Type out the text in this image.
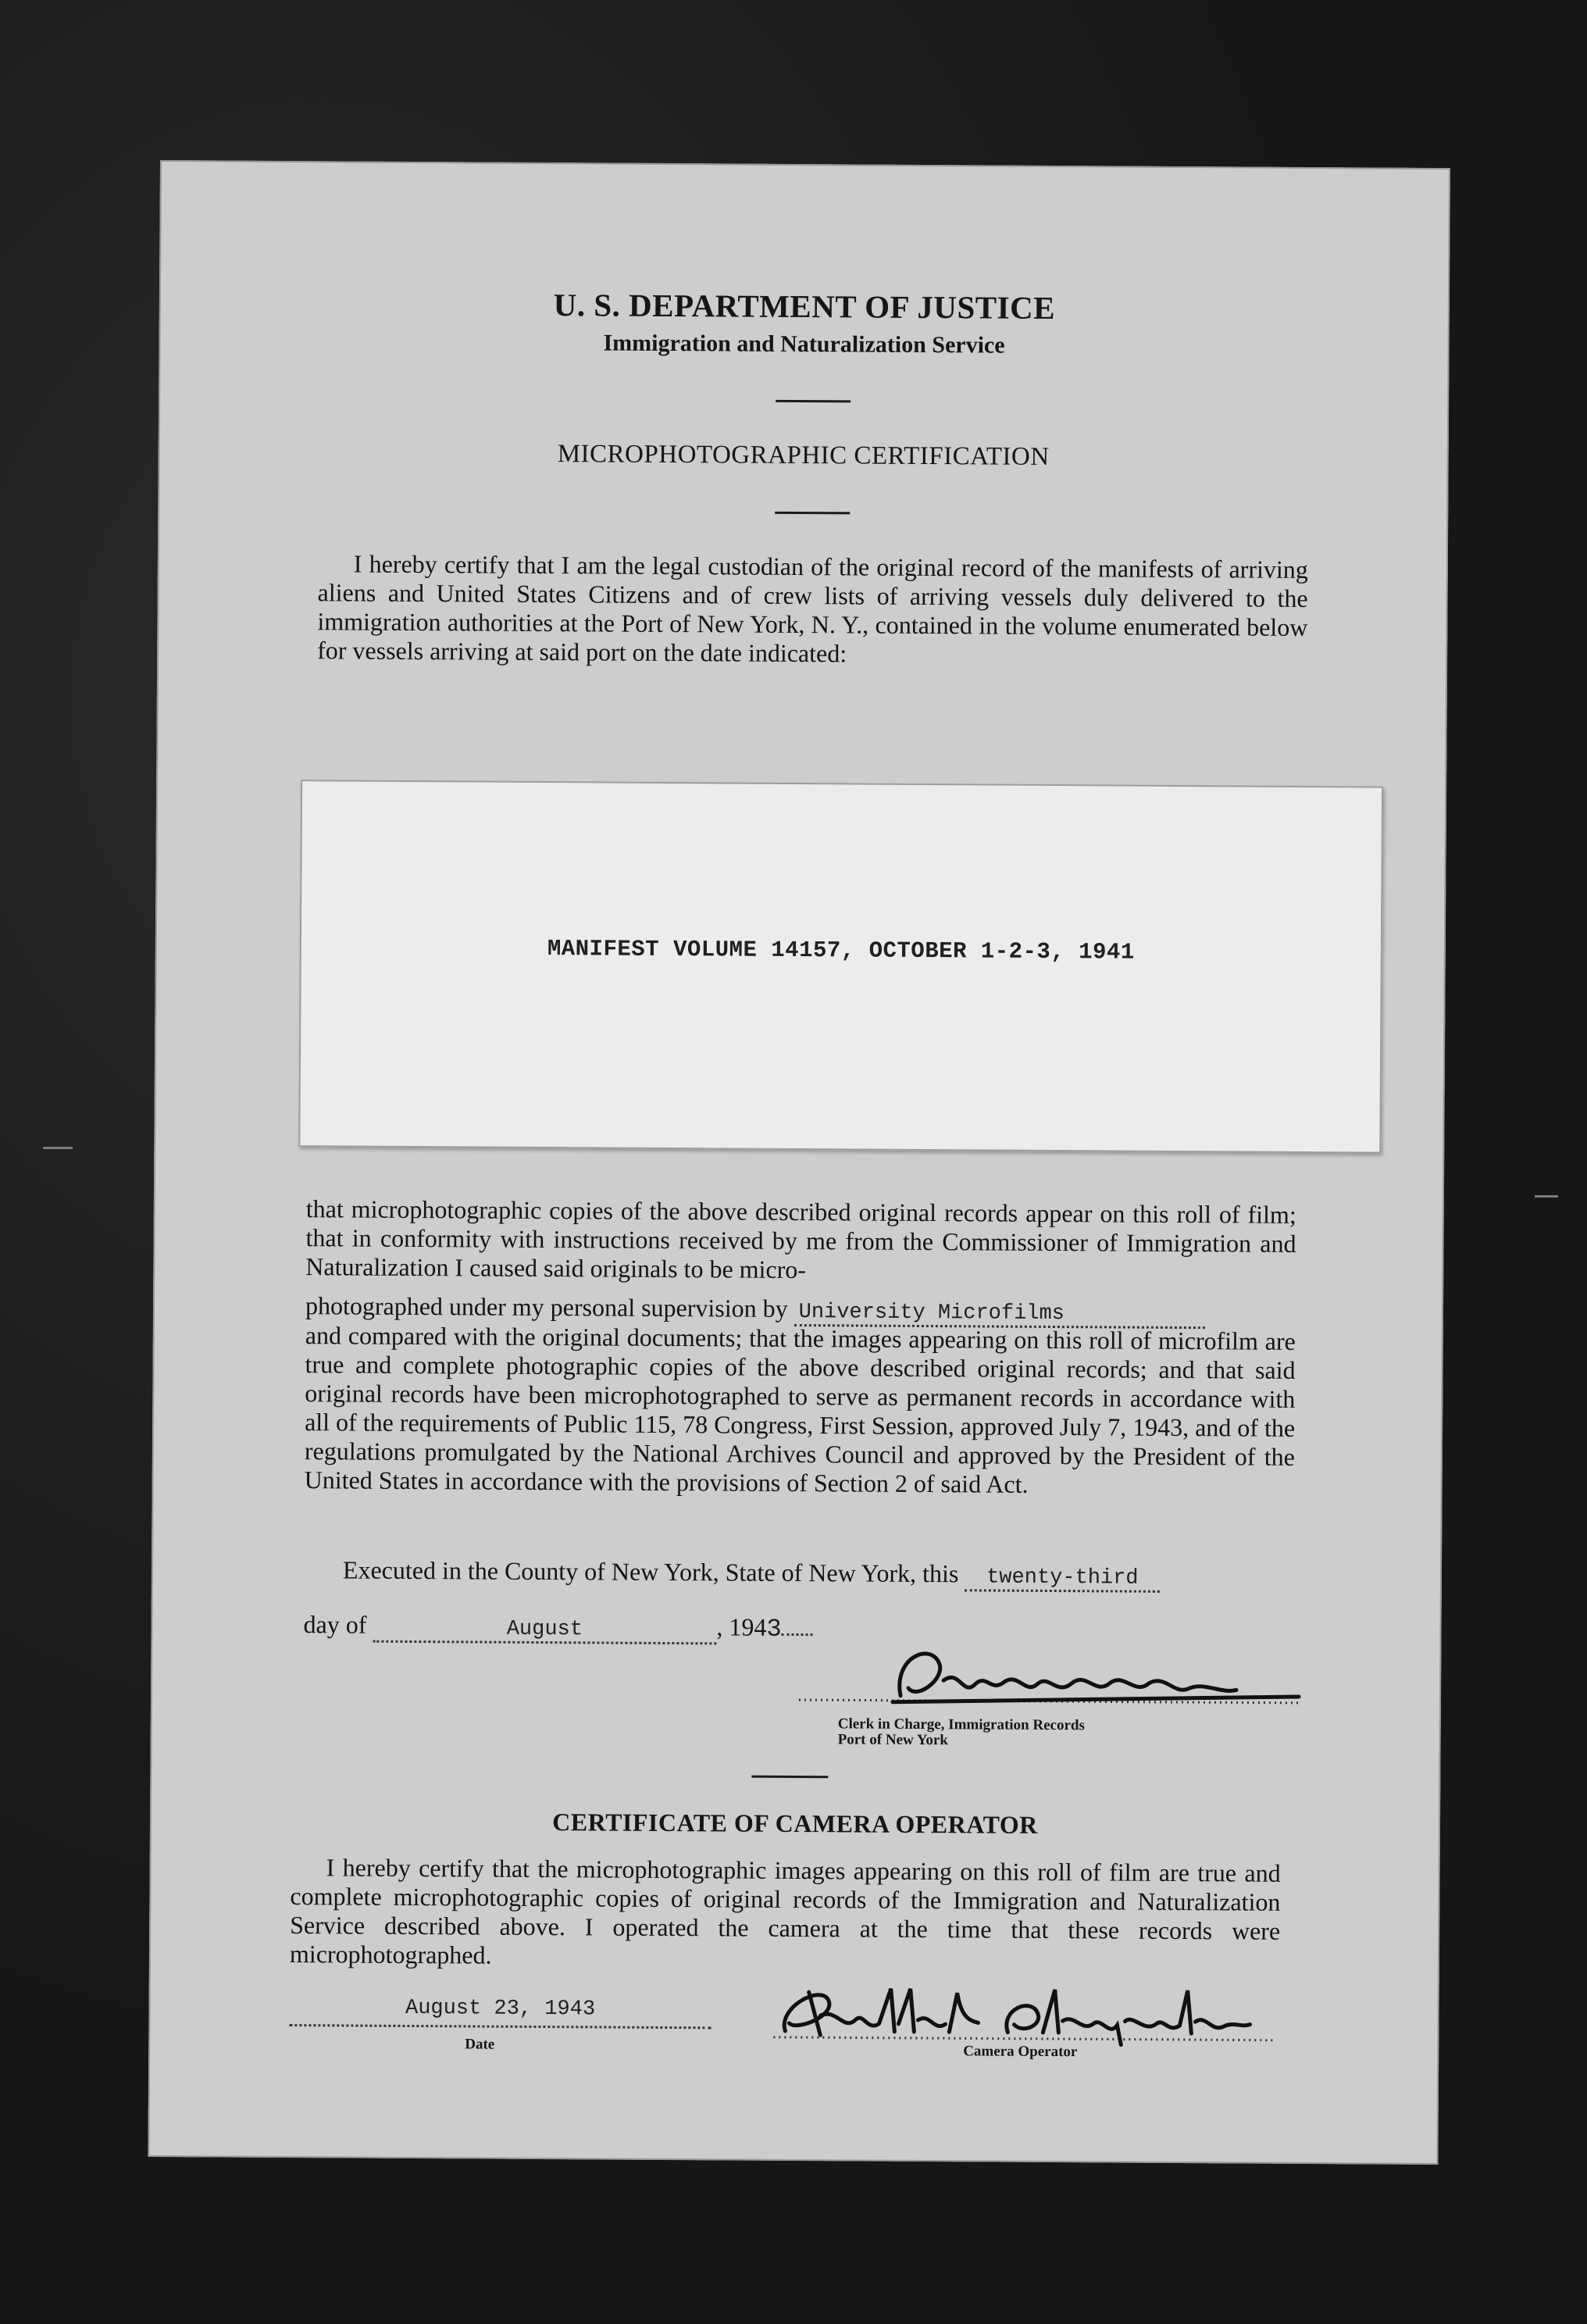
U. S. DEPARTMENT OF JUSTICE
Immigration and Naturalization Service
MICROPHOTOGRAPHIC CERTIFICATION
I hereby certify that I am the legal custodian of the original record of the manifests of arriving aliens and United States Citizens and of crew lists of arriving vessels duly delivered to the immigration authorities at the Port of New York, N. Y., contained in the volume enumerated below for vessels arriving at said port on the date indicated:
MANIFEST VOLUME 14157, OCTOBER 1-2-3, 1941
that microphotographic copies of the above described original records appear on this roll of film; that in conformity with instructions received by me from the Commissioner of Immigration and Naturalization I caused said originals to be micro-
photographed under my personal supervision by University Microfilms
and compared with the original documents; that the images appearing on this roll of microfilm are true and complete photographic copies of the above described original records; and that said original records have been microphotographed to serve as permanent records in accordance with all of the requirements of Public 115, 78 Congress, First Session, approved July 7, 1943, and of the regulations promulgated by the National Archives Council and approved by the President of the United States in accordance with the provisions of Section 2 of said Act.
Executed in the County of New York, State of New York, this twenty-third
day of	August	, 1943
Clerk in Charge, Immigration Records
Port of New York
CERTIFICATE OF CAMERA OPERATOR
I hereby certify that the microphotographic images appearing on this roll of film are true and complete microphotographic copies of original records of the Immigration and Naturalization Service described above. I operated the camera at the time that these records were microphotographed.
August 23, 1943
Date	Camera Operator
